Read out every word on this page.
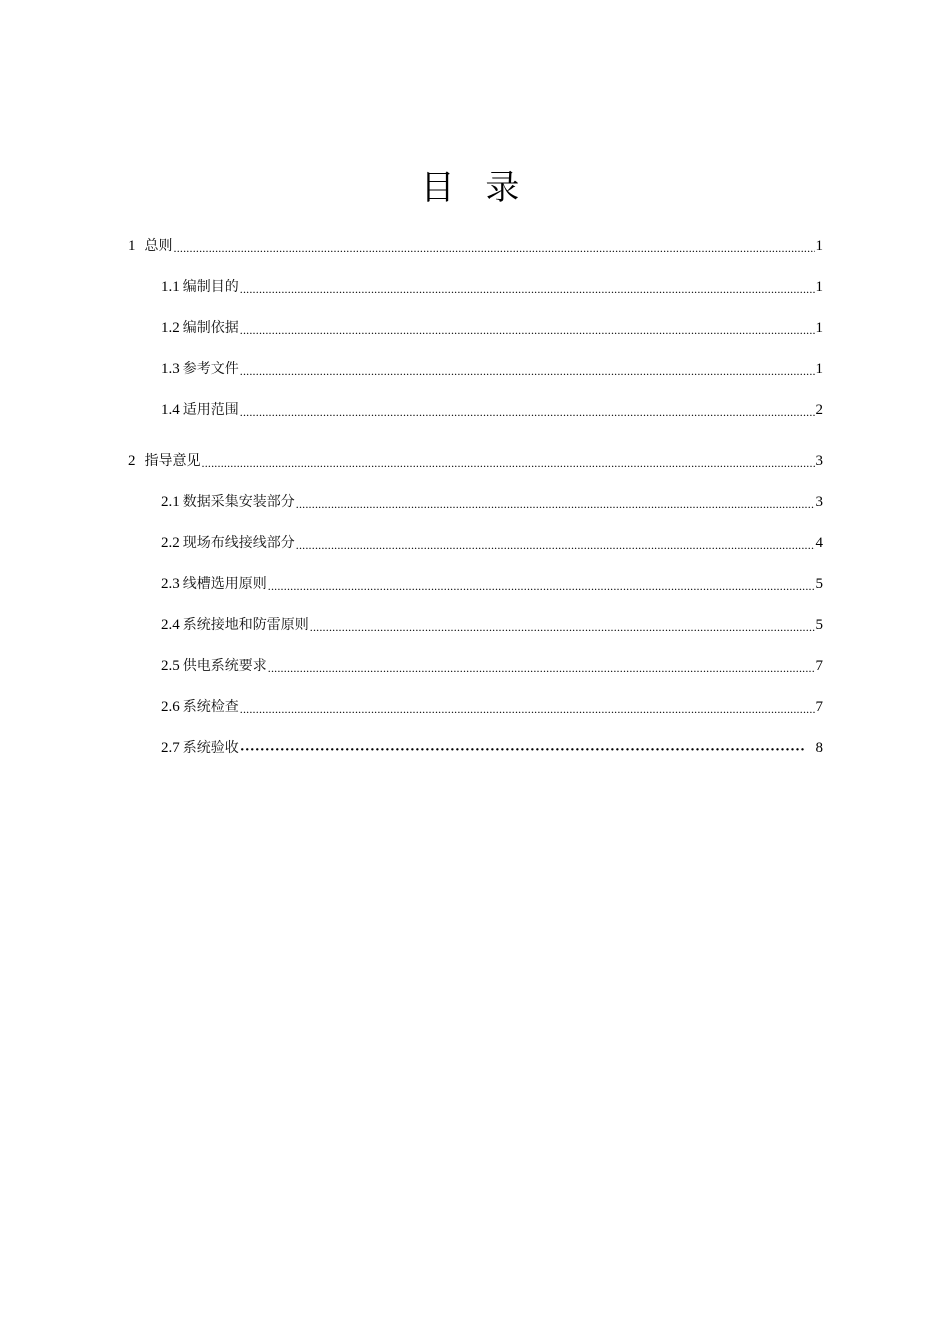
目 录
1 总则 .....	1
1.1 编制目的 .....	1
1.2 编制依据 .....	1
1.3 参考文件 .....	1
1.4 适用范围 .....	2
2 指导意见 .....	3
2.1 数据采集安装部分 .....	3
2.2 现场布线接线部分 .....	4
2.3 线槽选用原则 .....	5
2.4 系统接地和防雷原则 .....	5
2.5 供电系统要求 .....	7
2.6 系统检查 .....	7
2.7 系统验收 ·····	8
